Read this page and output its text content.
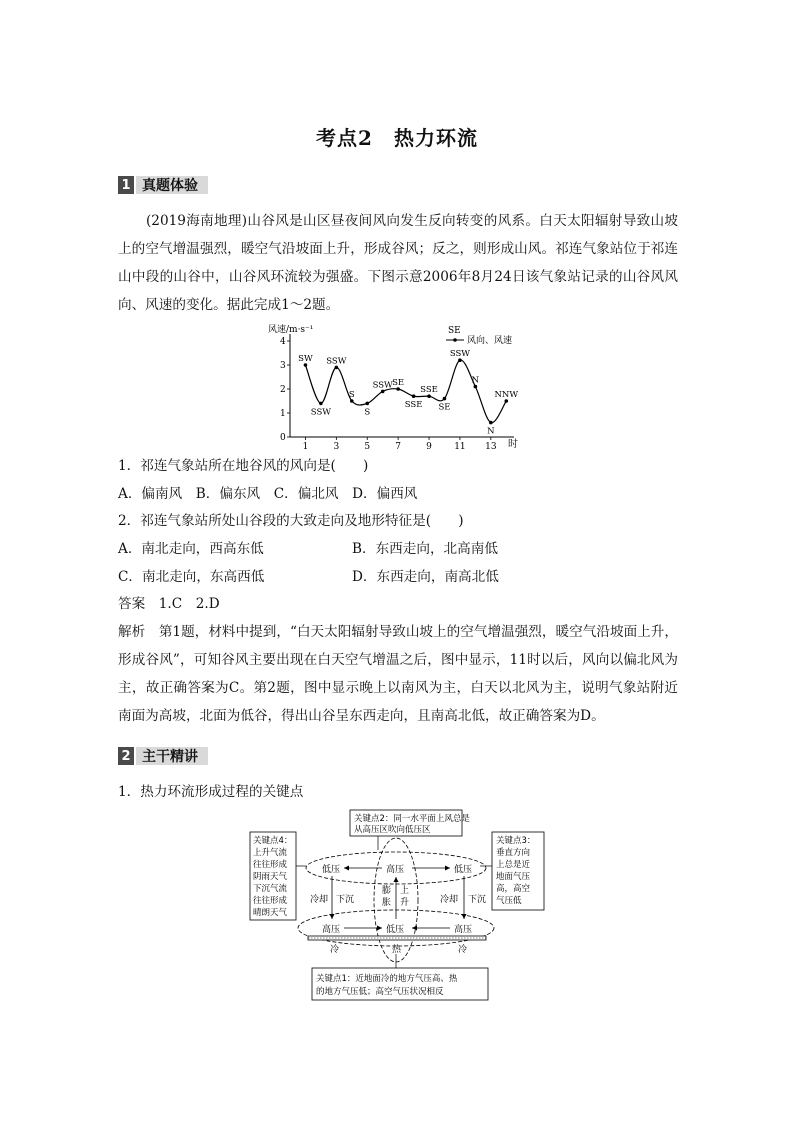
考点2　热力环流
1 真题体验
(2019海南地理)山谷风是山区昼夜间风向发生反向转变的风系。白天太阳辐射导致山坡上的空气增温强烈，暖空气沿坡面上升，形成谷风；反之，则形成山风。祁连气象站位于祁连山中段的山谷中，山谷风环流较为强盛。下图示意2006年8月24日该气象站记录的山谷风风向、风速的变化。据此完成1～2题。
风速/m·s⁻¹
时
0
1
2
3
4
1	3	5	7	9 11 13
SW
SSW
SSW
S
S
SSW SE
SSE
SSE
SE
SSW
N
N
NNW
SE
风向、风速
1．祁连气象站所在地谷风的风向是(　　)
A．偏南风　B．偏东风　C．偏北风　D．偏西风
2．祁连气象站所处山谷段的大致走向及地形特征是(　　)
A．南北走向，西高东低	B．东西走向，北高南低
C．南北走向，东高西低	D．东西走向，南高北低
答案　 1.C　2.D
解析　 第1题，材料中提到，“白天太阳辐射导致山坡上的空气增温强烈，暖空气沿坡面上升，形成谷风”，可知谷风主要出现在白天空气增温之后，图中显示，11时以后，风向以偏北风为主，故正确答案为C。第2题，图中显示晚上以南风为主，白天以北风为主，说明气象站附近南面为高坡，北面为低谷，得出山谷呈东西走向，且南高北低，故正确答案为D。
2 主干精讲
1．热力环流形成过程的关键点
关键点2：同一水平面上风总是
从高压区吹向低压区
关键点4：
上升气流
往往形成
阴雨天气
下沉气流
往往形成
晴朗天气
关键点3：
垂直方向
上总是近
地面气压
高，高空
气压低
低压	高压	低压
高压	低压	高压
冷却 下沉	冷却 下沉
膨
胀
上
升
冷	热	冷
关键点1：近地面冷的地方气压高、热
的地方气压低；高空气压状况相反
